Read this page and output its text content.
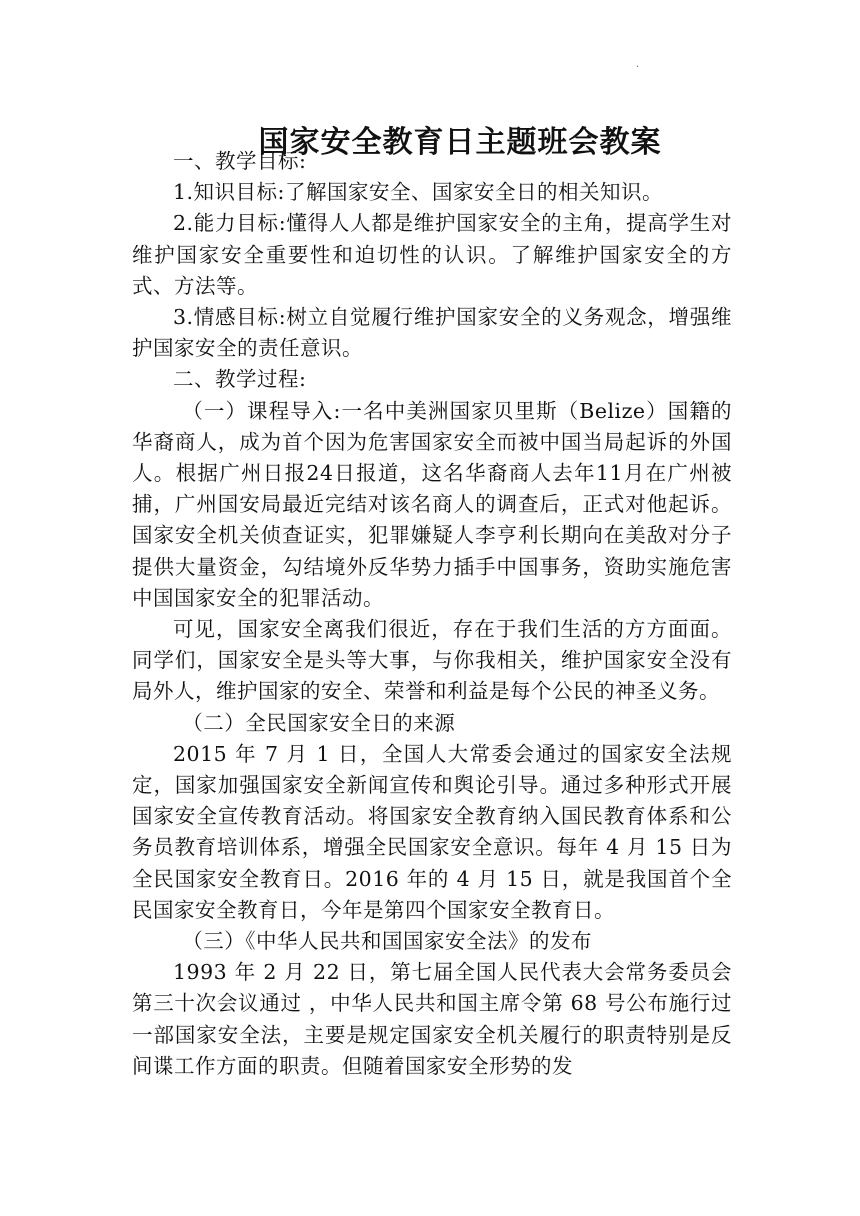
.
国家安全教育日主题班会教案

一、教学目标:

1.知识目标:了解国家安全、国家安全日的相关知识。

2.能力目标:懂得人人都是维护国家安全的主角，提高学生对维护国家安全重要性和迫切性的认识。了解维护国家安全的方式、方法等。

3.情感目标:树立自觉履行维护国家安全的义务观念，增强维护国家安全的责任意识。

二、教学过程:

（一）课程导入:一名中美洲国家贝里斯（Belize）国籍的华裔商人，成为首个因为危害国家安全而被中国当局起诉的外国人。根据广州日报24日报道，这名华裔商人去年11月在广州被捕，广州国安局最近完结对该名商人的调查后，正式对他起诉。国家安全机关侦查证实，犯罪嫌疑人李亨利长期向在美敌对分子提供大量资金，勾结境外反华势力插手中国事务，资助实施危害中国国家安全的犯罪活动。

可见，国家安全离我们很近，存在于我们生活的方方面面。同学们，国家安全是头等大事，与你我相关，维护国家安全没有局外人，维护国家的安全、荣誉和利益是每个公民的神圣义务。

（二）全民国家安全日的来源

2015 年 7 月 1 日，全国人大常委会通过的国家安全法规定，国家加强国家安全新闻宣传和舆论引导。通过多种形式开展国家安全宣传教育活动。将国家安全教育纳入国民教育体系和公务员教育培训体系，增强全民国家安全意识。每年 4 月 15 日为全民国家安全教育日。2016 年的 4 月 15 日，就是我国首个全民国家安全教育日，今年是第四个国家安全教育日。

（三）《中华人民共和国国家安全法》的发布

1993 年 2 月 22 日，第七届全国人民代表大会常务委员会第三十次会议通过 ，中华人民共和国主席令第 68 号公布施行过一部国家安全法，主要是规定国家安全机关履行的职责特别是反间谍工作方面的职责。但随着国家安全形势的发
